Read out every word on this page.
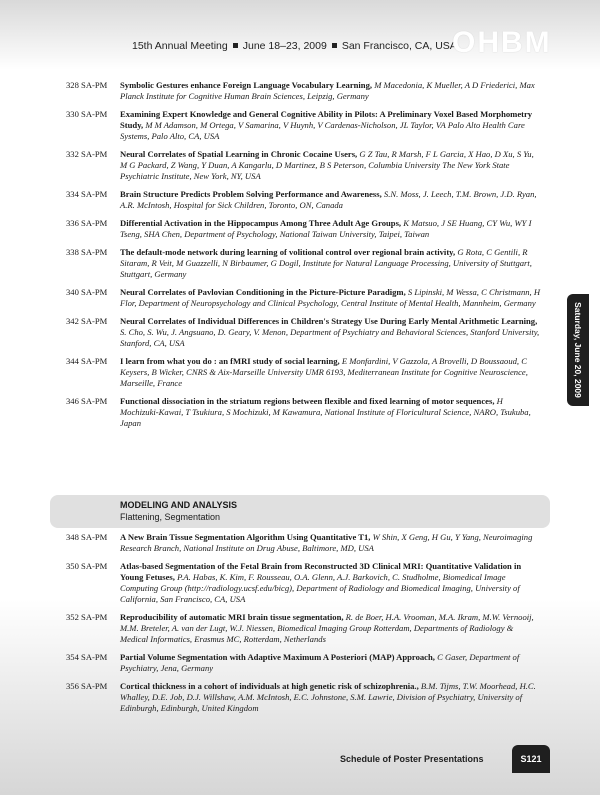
15th Annual Meeting June 18–23, 2009 San Francisco, CA, USA
OHBM
328 SA-PM	Symbolic Gestures enhance Foreign Language Vocabulary Learning, M Macedonia, K Mueller, A D Friederici, Max Planck Institute for Cognitive Human Brain Sciences, Leipzig, Germany
330 SA-PM	Examining Expert Knowledge and General Cognitive Ability in Pilots: A Preliminary Voxel Based Morphometry Study, M M Adamson, M Ortega, V Samarina, V Huynh, V Cardenas-Nicholson, JL Taylor, VA Palo Alto Health Care Systems, Palo Alto, CA, USA
332 SA-PM	Neural Correlates of Spatial Learning in Chronic Cocaine Users, G Z Tau, R Marsh, F L Garcia, X Hao, D Xu, S Yu, M G Packard, Z Wang, Y Duan, A Kangarlu, D Martinez, B S Peterson, Columbia University The New York State Psychiatric Institute, New York, NY, USA
334 SA-PM	Brain Structure Predicts Problem Solving Performance and Awareness, S.N. Moss, J. Leech, T.M. Brown, J.D. Ryan, A.R. McIntosh, Hospital for Sick Children, Toronto, ON, Canada
336 SA-PM	Differential Activation in the Hippocampus Among Three Adult Age Groups, K Matsuo, J SE Huang, CY Wu, WY I Tseng, SHA Chen, Department of Psychology, National Taiwan University, Taipei, Taiwan
338 SA-PM	The default-mode network during learning of volitional control over regional brain activity, G Rota, C Gentili, R Sitaram, R Veit, M Guazzelli, N Birbaumer, G Dogil, Institute for Natural Language Processing, University of Stuttgart, Stuttgart, Germany
340 SA-PM	Neural Correlates of Pavlovian Conditioning in the Picture-Picture Paradigm, S Lipinski, M Wessa, C Christmann, H Flor, Department of Neuropsychology and Clinical Psychology, Central Institute of Mental Health, Mannheim, Germany
342 SA-PM	Neural Correlates of Individual Differences in Children's Strategy Use During Early Mental Arithmetic Learning, S. Cho, S. Wu, J. Angsuano, D. Geary, V. Menon, Department of Psychiatry and Behavioral Sciences, Stanford University, Stanford, CA, USA
344 SA-PM	I learn from what you do : an fMRI study of social learning, E Monfardini, V Gazzola, A Brovelli, D Boussaoud, C Keysers, B Wicker, CNRS & Aix-Marseille University UMR 6193, Mediterranean Institute for Cognitive Neuroscience, Marseille, France
346 SA-PM	Functional dissociation in the striatum regions between flexible and fixed learning of motor sequences, H Mochizuki-Kawai, T Tsukiura, S Mochizuki, M Kawamura, National Institute of Floricultural Science, NARO, Tsukuba, Japan
MODELING AND ANALYSIS
Flattening, Segmentation
348 SA-PM	A New Brain Tissue Segmentation Algorithm Using Quantitative T1, W Shin, X Geng, H Gu, Y Yang, Neuroimaging Research Branch, National Institute on Drug Abuse, Baltimore, MD, USA
350 SA-PM	Atlas-based Segmentation of the Fetal Brain from Reconstructed 3D Clinical MRI: Quantitative Validation in Young Fetuses, P.A. Habas, K. Kim, F. Rousseau, O.A. Glenn, A.J. Barkovich, C. Studholme, Biomedical Image Computing Group (http://radiology.ucsf.edu/bicg), Department of Radiology and Biomedical Imaging, University of California, San Francisco, CA, USA
352 SA-PM	Reproducibility of automatic MRI brain tissue segmentation, R. de Boer, H.A. Vrooman, M.A. Ikram, M.W. Vernooij, M.M. Breteler, A. van der Lugt, W.J. Niessen, Biomedical Imaging Group Rotterdam, Departments of Radiology & Medical Informatics, Erasmus MC, Rotterdam, Netherlands
354 SA-PM	Partial Volume Segmentation with Adaptive Maximum A Posteriori (MAP) Approach, C Gaser, Department of Psychiatry, Jena, Germany
356 SA-PM	Cortical thickness in a cohort of individuals at high genetic risk of schizophrenia., B.M. Tijms, T.W. Moorhead, H.C. Whalley, D.E. Job, D.J. Willshaw, A.M. McIntosh, E.C. Johnstone, S.M. Lawrie, Division of Psychiatry, University of Edinburgh, Edinburgh, United Kingdom
Saturday, June 20, 2009
Schedule of Poster Presentations	S121
